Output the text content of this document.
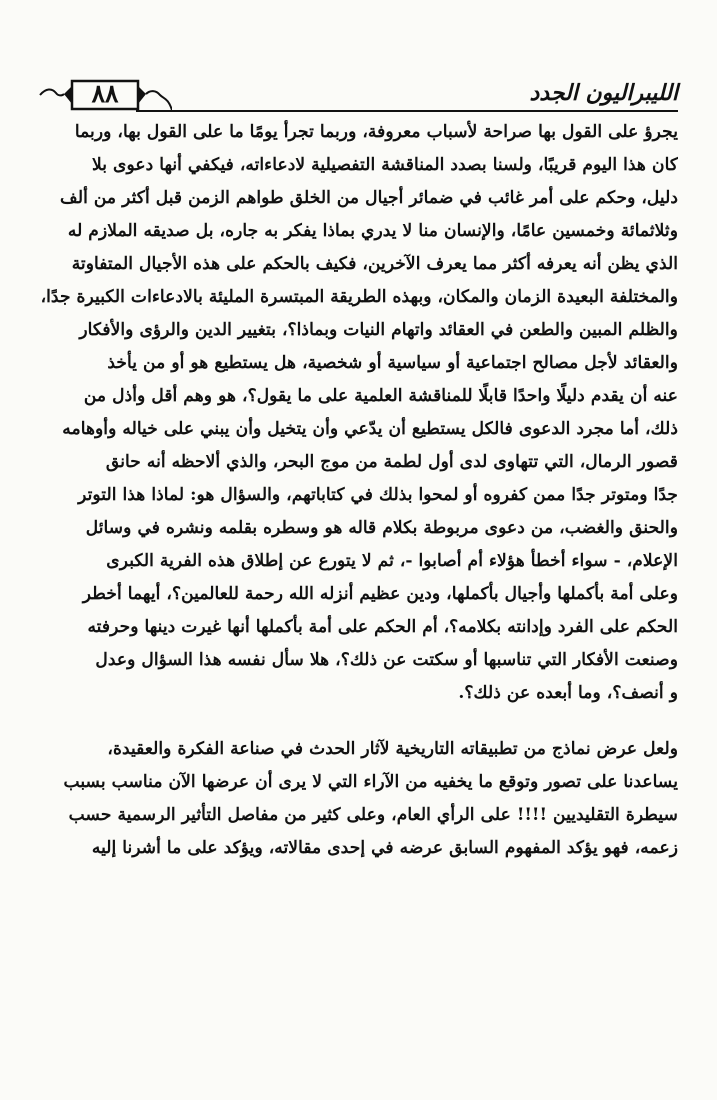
٨٨	الليبراليون الجدد
يجرؤ على القول بها صراحة لأسباب معروفة، وربما تجرأ يومًا ما على القول بها، وربما
كان هذا اليوم قريبًا، ولسنا بصدد المناقشة التفصيلية لادعاءاته، فيكفي أنها دعوى بلا
دليل، وحكم على أمر غائب في ضمائر أجيال من الخلق طواهم الزمن قبل أكثر من ألف
وثلاثمائة وخمسين عامًا، والإنسان منا لا يدري بماذا يفكر به جاره، بل صديقه الملازم له
الذي يظن أنه يعرفه أكثر مما يعرف الآخرين، فكيف بالحكم على هذه الأجيال المتفاوتة
والمختلفة البعيدة الزمان والمكان، وبهذه الطريقة المبتسرة المليئة بالادعاءات الكبيرة جدًا،
والظلم المبين والطعن في العقائد واتهام النيات وبماذا؟، بتغيير الدين والرؤى والأفكار
والعقائد لأجل مصالح اجتماعية أو سياسية أو شخصية، هل يستطيع هو أو من يأخذ
عنه أن يقدم دليلًا واحدًا قابلًا للمناقشة العلمية على ما يقول؟، هو وهم أقل وأذل من
ذلك، أما مجرد الدعوى فالكل يستطيع أن يدّعي وأن يتخيل وأن يبني على خياله وأوهامه
قصور الرمال، التي تتهاوى لدى أول لطمة من موج البحر، والذي ألاحظه أنه حانق
جدًا ومتوتر جدًا ممن كفروه أو لمحوا بذلك في كتاباتهم، والسؤال هو: لماذا هذا التوتر
والحنق والغضب، من دعوى مربوطة بكلام قاله هو وسطره بقلمه ونشره في وسائل
الإعلام، - سواء أخطأ هؤلاء أم أصابوا -، ثم لا يتورع عن إطلاق هذه الفرية الكبرى
وعلى أمة بأكملها وأجيال بأكملها، ودين عظيم أنزله الله رحمة للعالمين؟، أيهما أخطر
الحكم على الفرد وإدانته بكلامه؟، أم الحكم على أمة بأكملها أنها غيرت دينها وحرفته
وصنعت الأفكار التي تناسبها أو سكتت عن ذلك؟، هلا سأل نفسه هذا السؤال وعدل
و أنصف؟، وما أبعده عن ذلك؟.
ولعل عرض نماذج من تطبيقاته التاريخية لآثار الحدث في صناعة الفكرة والعقيدة،
يساعدنا على تصور وتوقع ما يخفيه من الآراء التي لا يرى أن عرضها الآن مناسب بسبب
سيطرة التقليديين !!!! على الرأي العام، وعلى كثير من مفاصل التأثير الرسمية حسب
زعمه، فهو يؤكد المفهوم السابق عرضه في إحدى مقالاته، ويؤكد على ما أشرنا إليه
